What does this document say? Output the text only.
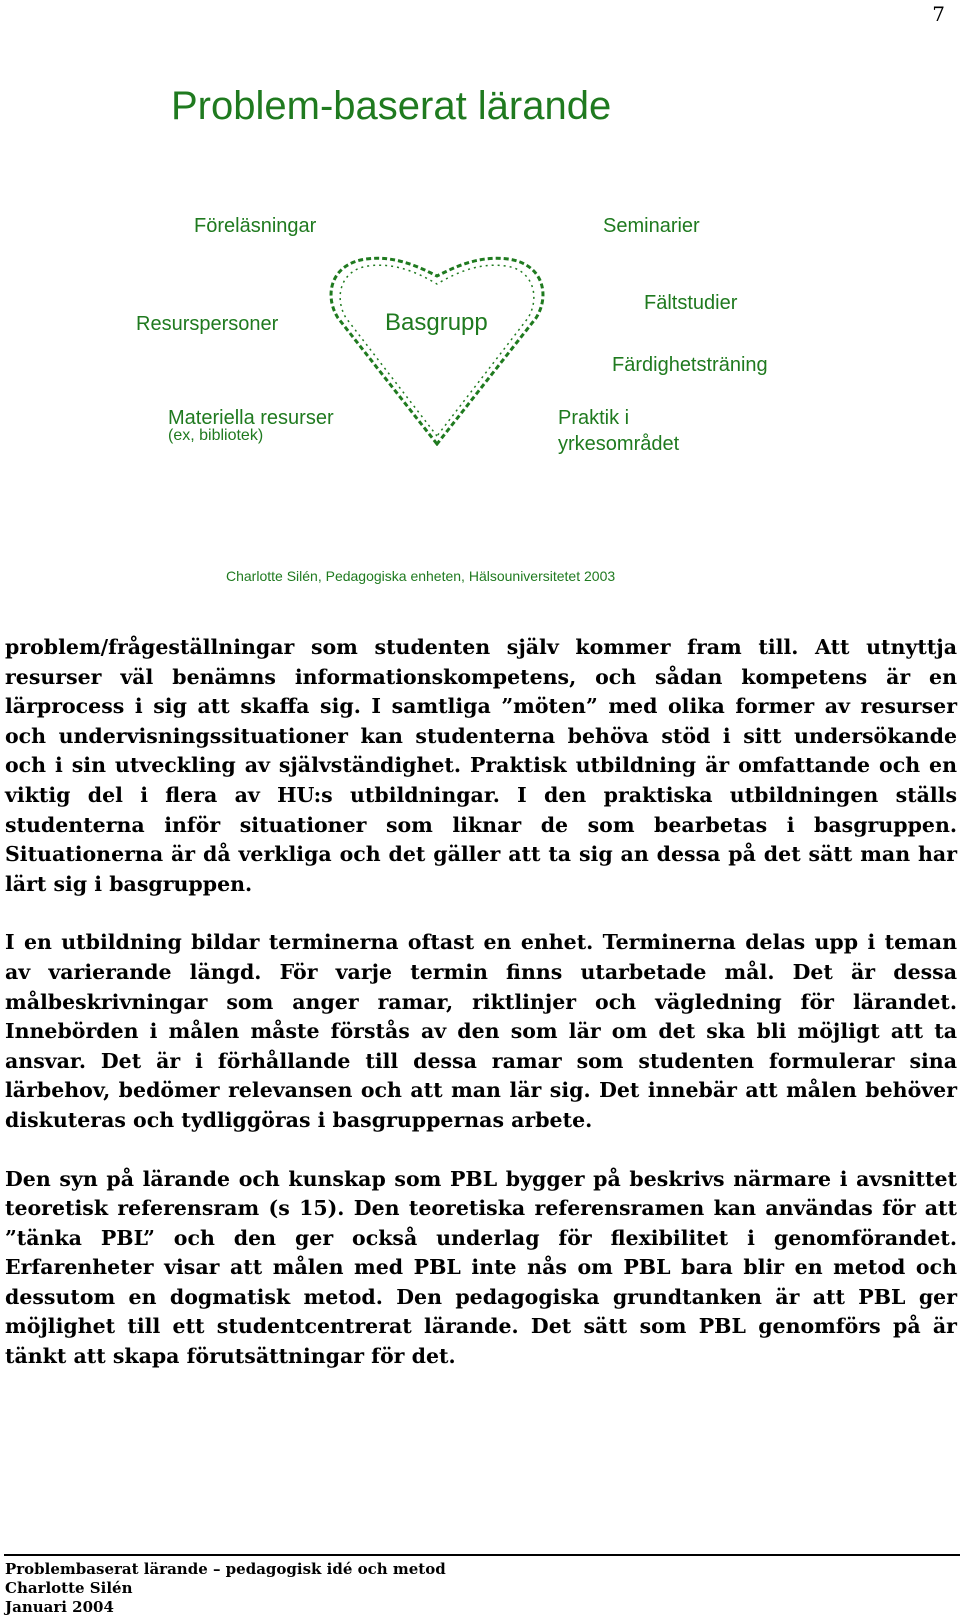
7
Problem-baserat lärande
Föreläsningar	Seminarier
Resurspersoner
Fältstudier
Färdighetsträning
Materiella resurser
(ex, bibliotek)
Praktik i
yrkesområdet
Basgrupp
Charlotte Silén, Pedagogiska enheten, Hälsouniversitetet 2003

problem/frågeställningar som studenten själv kommer fram till. Att utnyttja resurser väl benämns informationskompetens, och sådan kompetens är en lärprocess i sig att skaffa sig. I samtliga ”möten” med olika former av resurser och undervisningssituationer kan studenterna behöva stöd i sitt undersökande och i sin utveckling av självständighet. Praktisk utbildning är omfattande och en viktig del i flera av HU:s utbildningar. I den praktiska utbildningen ställs studenterna inför situationer som liknar de som bearbetas i basgruppen. Situationerna är då verkliga och det gäller att ta sig an dessa på det sätt man har lärt sig i basgruppen.

I en utbildning bildar terminerna oftast en enhet. Terminerna delas upp i teman av varierande längd. För varje termin finns utarbetade mål. Det är dessa målbeskrivningar som anger ramar, riktlinjer och vägledning för lärandet. Innebörden i målen måste förstås av den som lär om det ska bli möjligt att ta ansvar. Det är i förhållande till dessa ramar som studenten formulerar sina lärbehov, bedömer relevansen och att man lär sig. Det innebär att målen behöver diskuteras och tydliggöras i basgruppernas arbete.

Den syn på lärande och kunskap som PBL bygger på beskrivs närmare i avsnittet teoretisk referensram (s 15). Den teoretiska referensramen kan användas för att ”tänka PBL” och den ger också underlag för flexibilitet i genomförandet. Erfarenheter visar att målen med PBL inte nås om PBL bara blir en metod och dessutom en dogmatisk metod. Den pedagogiska grundtanken är att PBL ger möjlighet till ett studentcentrerat lärande. Det sätt som PBL genomförs på är tänkt att skapa förutsättningar för det.

Problembaserat lärande – pedagogisk idé och metod
Charlotte Silén
Januari 2004
